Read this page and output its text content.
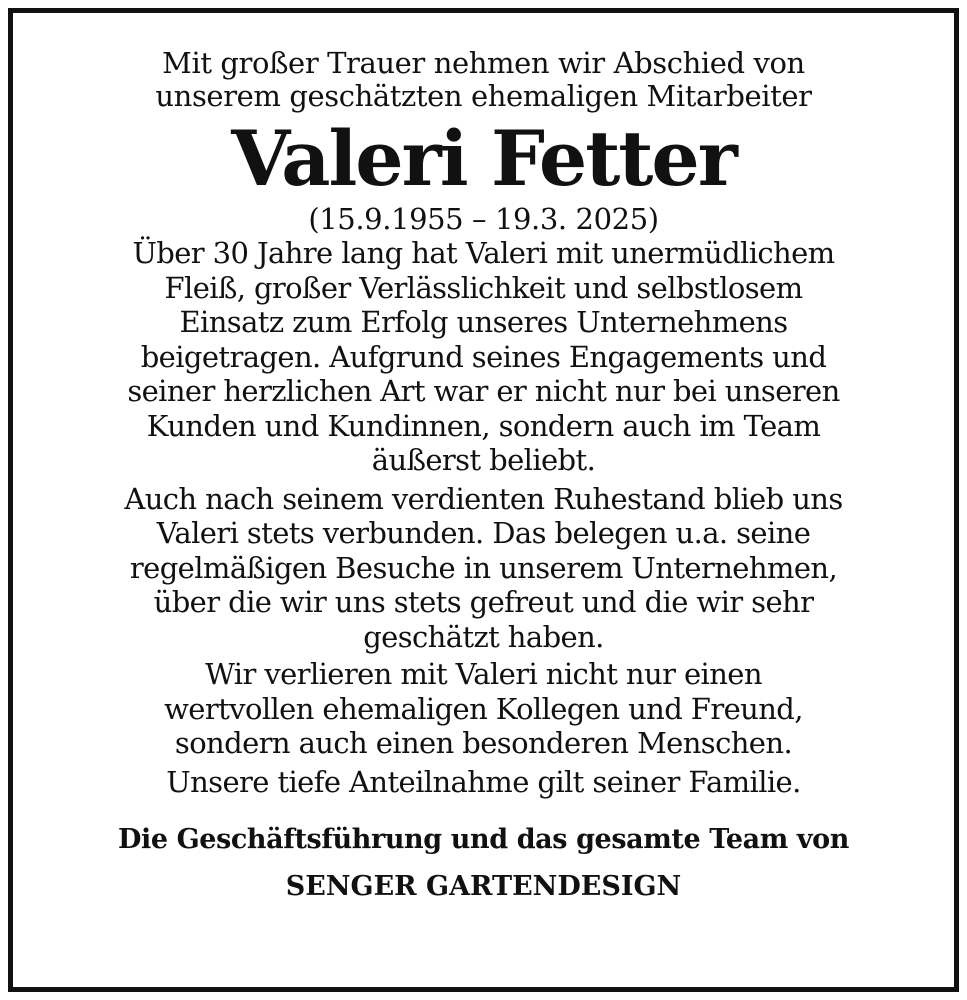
Mit großer Trauer nehmen wir Abschied von
unserem geschätzten ehemaligen Mitarbeiter
Valeri Fetter
(15.9.1955 – 19.3. 2025)
Über 30 Jahre lang hat Valeri mit unermüdlichem
Fleiß, großer Verlässlichkeit und selbstlosem
Einsatz zum Erfolg unseres Unternehmens
beigetragen. Aufgrund seines Engagements und
seiner herzlichen Art war er nicht nur bei unseren
Kunden und Kundinnen, sondern auch im Team
äußerst beliebt.
Auch nach seinem verdienten Ruhestand blieb uns
Valeri stets verbunden. Das belegen u.a. seine
regelmäßigen Besuche in unserem Unternehmen,
über die wir uns stets gefreut und die wir sehr
geschätzt haben.
Wir verlieren mit Valeri nicht nur einen
wertvollen ehemaligen Kollegen und Freund,
sondern auch einen besonderen Menschen.
Unsere tiefe Anteilnahme gilt seiner Familie.
Die Geschäftsführung und das gesamte Team von
SENGER GARTENDESIGN
